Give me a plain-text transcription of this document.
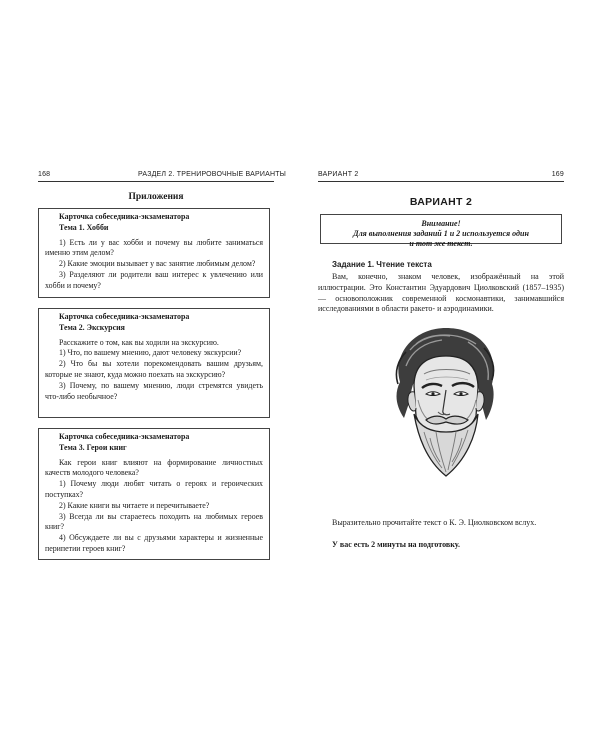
168	РАЗДЕЛ 2. ТРЕНИРОВОЧНЫЕ ВАРИАНТЫ
Приложения
Карточка собеседника-экзаменатора
Тема 1. Хобби
1) Есть ли у вас хобби и почему вы любите заниматься именно этим делом?
2) Какие эмоции вызывает у вас занятие любимым делом?
3) Разделяют ли родители ваш интерес к увлечению или хобби и почему?
Карточка собеседника-экзаменатора
Тема 2. Экскурсия
Расскажите о том, как вы ходили на экскурсию.
1) Что, по вашему мнению, дают человеку экскурсии?
2) Что бы вы хотели порекомендовать вашим друзьям, которые не знают, куда можно поехать на экскурсию?
3) Почему, по вашему мнению, люди стремятся увидеть что-либо необычное?
Карточка собеседника-экзаменатора
Тема 3. Герои книг
Как герои книг влияют на формирование личностных качеств молодого человека?
1) Почему люди любят читать о героях и героических поступках?
2) Какие книги вы читаете и перечитываете?
3) Всегда ли вы стараетесь походить на любимых героев книг?
4) Обсуждаете ли вы с друзьями характеры и жизненные перипетии героев книг?
ВАРИАНТ 2	169
ВАРИАНТ 2
Внимание!
Для выполнения заданий 1 и 2 используется один
и тот же текст.
Задание 1. Чтение текста
Вам, конечно, знаком человек, изображённый на этой иллюстрации. Это Константин Эдуардович Циолковский (1857–1935) — основоположник современной космонавтики, занимавшийся исследованиями в области ракето- и аэродинамики.
Выразительно прочитайте текст о К. Э. Циолковском вслух.
У вас есть 2 минуты на подготовку.
